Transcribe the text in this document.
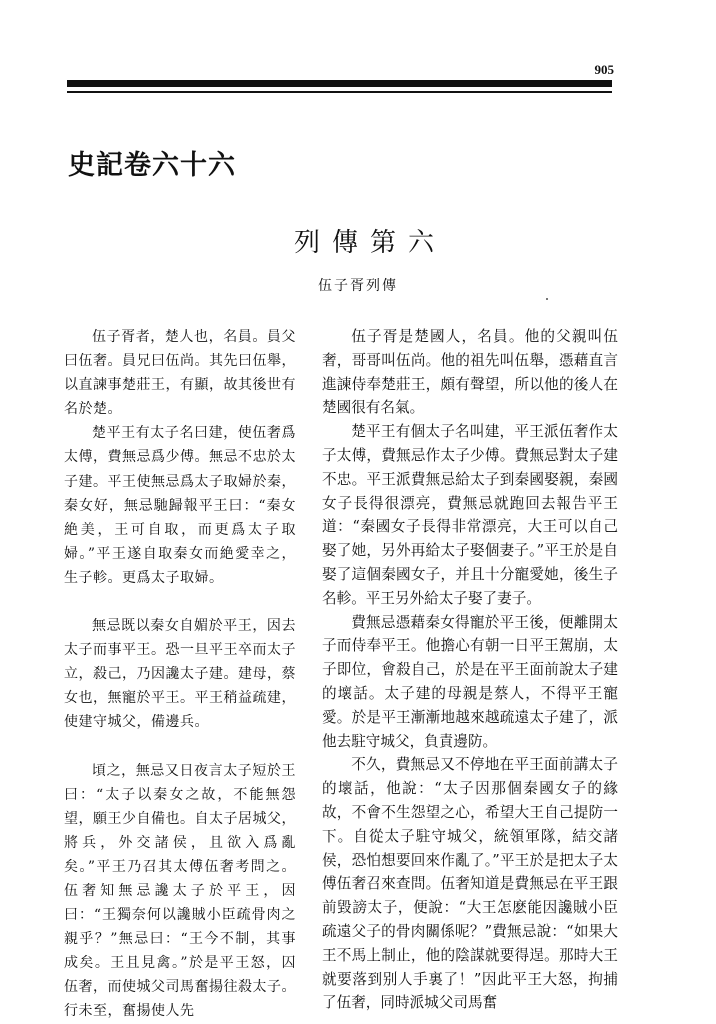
905
史記卷六十六
列傳第六
伍子胥列傳

伍子胥者，楚人也，名員。員父曰伍奢。員兄曰伍尚。其先曰伍舉，以直諫事楚莊王，有顯，故其後世有名於楚。

楚平王有太子名曰建，使伍奢爲太傅，費無忌爲少傅。無忌不忠於太子建。平王使無忌爲太子取婦於秦，秦女好，無忌馳歸報平王曰：“秦女絶美，王可自取，而更爲太子取婦。”平王遂自取秦女而絶愛幸之，生子軫。更爲太子取婦。

無忌既以秦女自媚於平王，因去太子而事平王。恐一旦平王卒而太子立，殺己，乃因讒太子建。建母，蔡女也，無寵於平王。平王稍益疏建，使建守城父，備邊兵。

頃之，無忌又日夜言太子短於王曰：“太子以秦女之故，不能無怨望，願王少自備也。自太子居城父，將兵，外交諸侯，且欲入爲亂矣。”平王乃召其太傅伍奢考問之。伍奢知無忌讒太子於平王，因曰：“王獨奈何以讒賊小臣疏骨肉之親乎？”無忌曰：“王今不制，其事成矣。王且見禽。”於是平王怒，囚伍奢，而使城父司馬奮揚往殺太子。行未至，奮揚使人先

伍子胥是楚國人，名員。他的父親叫伍奢，哥哥叫伍尚。他的祖先叫伍舉，憑藉直言進諫侍奉楚莊王，頗有聲望，所以他的後人在楚國很有名氣。

楚平王有個太子名叫建，平王派伍奢作太子太傅，費無忌作太子少傅。費無忌對太子建不忠。平王派費無忌給太子到秦國娶親，秦國女子長得很漂亮，費無忌就跑回去報告平王道：“秦國女子長得非常漂亮，大王可以自己娶了她，另外再給太子娶個妻子。”平王於是自娶了這個秦國女子，并且十分寵愛她，後生子名軫。平王另外給太子娶了妻子。

費無忌憑藉秦女得寵於平王後，便離開太子而侍奉平王。他擔心有朝一日平王駕崩，太子即位，會殺自己，於是在平王面前說太子建的壞話。太子建的母親是蔡人，不得平王寵愛。於是平王漸漸地越來越疏遠太子建了，派他去駐守城父，負責邊防。

不久，費無忌又不停地在平王面前講太子的壞話，他說：“太子因那個秦國女子的緣故，不會不生怨望之心，希望大王自己提防一下。自從太子駐守城父，統領軍隊，結交諸侯，恐怕想要回來作亂了。”平王於是把太子太傅伍奢召來查問。伍奢知道是費無忌在平王跟前毀謗太子，便說：“大王怎麽能因讒賊小臣疏遠父子的骨肉關係呢？”費無忌說：“如果大王不馬上制止，他的陰謀就要得逞。那時大王就要落到别人手裏了！”因此平王大怒，拘捕了伍奢，同時派城父司馬奮
